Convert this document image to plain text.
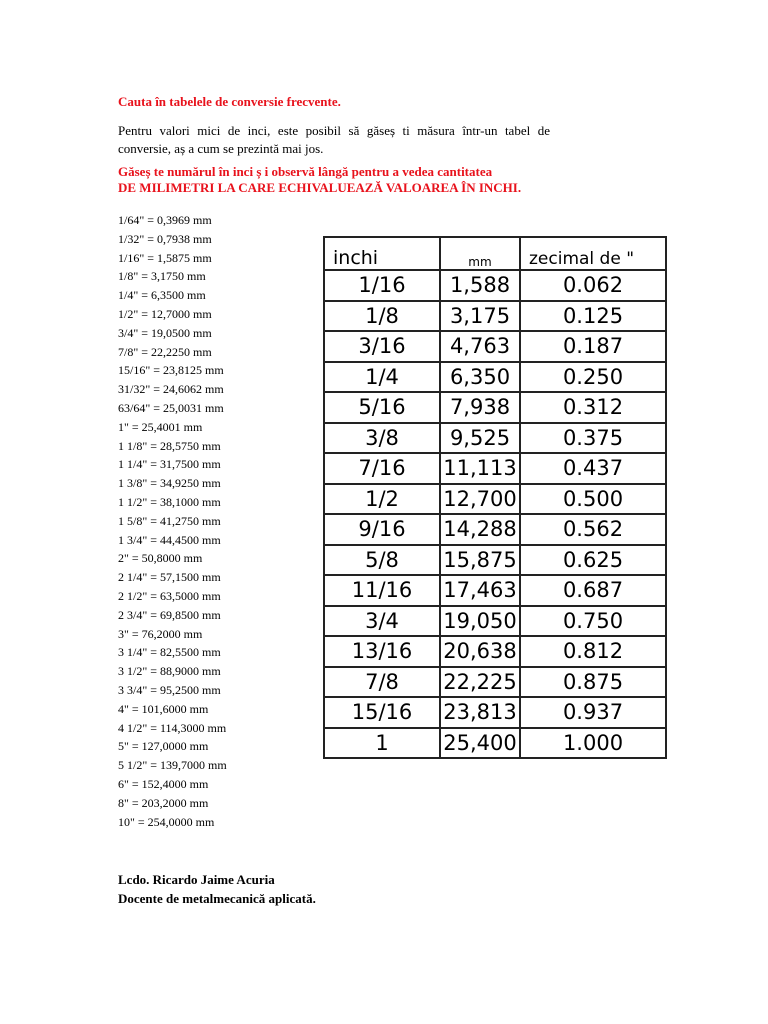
Cauta în tabelele de conversie frecvente.
Pentru valori mici de inci, este posibil să găseș ti măsura într-un tabel de conversie, aș a cum se prezintă mai jos.
Găseș te numărul în inci ș i observă lângă pentru a vedea cantitatea
DE MILIMETRI LA CARE ECHIVALUEAZĂ VALOAREA ÎN INCHI.
1/64" = 0,3969 mm
1/32" = 0,7938 mm
1/16" = 1,5875 mm
1/8" = 3,1750 mm
1/4" = 6,3500 mm
1/2" = 12,7000 mm
3/4" = 19,0500 mm
7/8" = 22,2250 mm
15/16" = 23,8125 mm
31/32" = 24,6062 mm
63/64" = 25,0031 mm
1" = 25,4001 mm
1 1/8" = 28,5750 mm
1 1/4" = 31,7500 mm
1 3/8" = 34,9250 mm
1 1/2" = 38,1000 mm
1 5/8" = 41,2750 mm
1 3/4" = 44,4500 mm
2" = 50,8000 mm
2 1/4" = 57,1500 mm
2 1/2" = 63,5000 mm
2 3/4" = 69,8500 mm
3" = 76,2000 mm
3 1/4" = 82,5500 mm
3 1/2" = 88,9000 mm
3 3/4" = 95,2500 mm
4" = 101,6000 mm
4 1/2" = 114,3000 mm
5" = 127,0000 mm
5 1/2" = 139,7000 mm
6" = 152,4000 mm
8" = 203,2000 mm
10" = 254,0000 mm
inchi	mm	zecimal de "
1/16	1,588	0.062
1/8	3,175	0.125
3/16	4,763	0.187
1/4	6,350	0.250
5/16	7,938	0.312
3/8	9,525	0.375
7/16	11,113	0.437
1/2	12,700	0.500
9/16	14,288	0.562
5/8	15,875	0.625
11/16	17,463	0.687
3/4	19,050	0.750
13/16	20,638	0.812
7/8	22,225	0.875
15/16	23,813	0.937
1	25,400	1.000
Lcdo. Ricardo Jaime Acuria
Docente de metalmecanică aplicată.
